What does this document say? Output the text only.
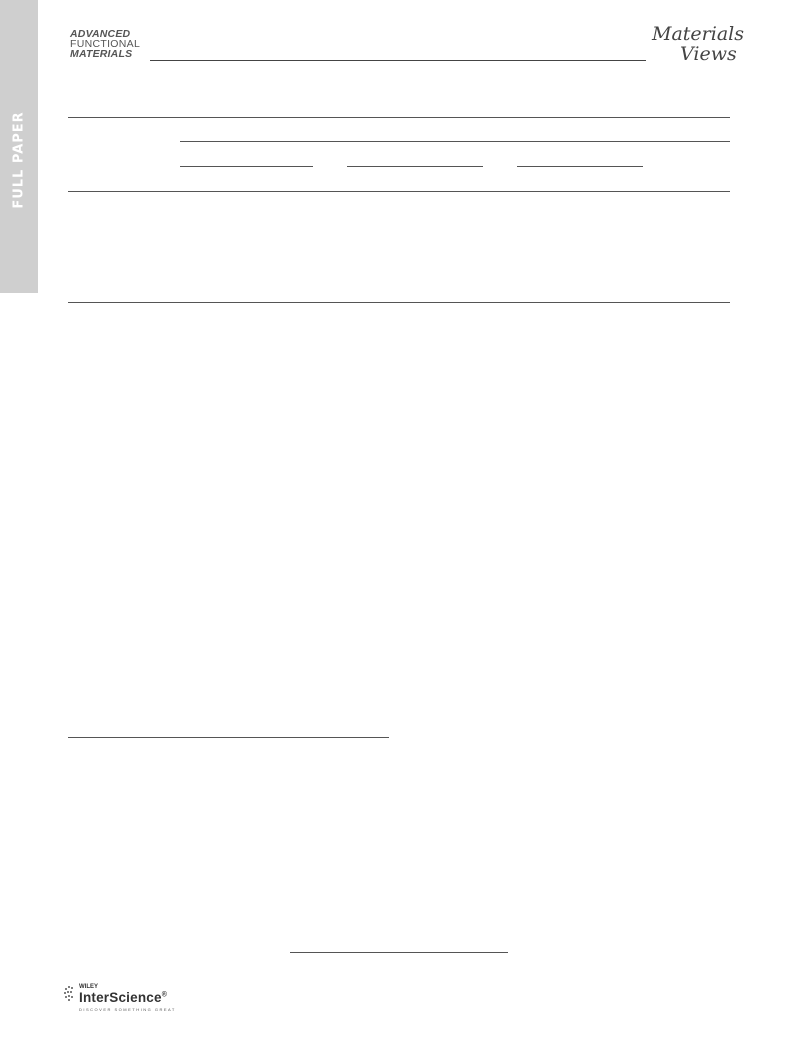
FULL PAPER
ADVANCED
FUNCTIONAL
MATERIALS
Materials
Views
WILEY
InterScience®
DISCOVER SOMETHING GREAT
